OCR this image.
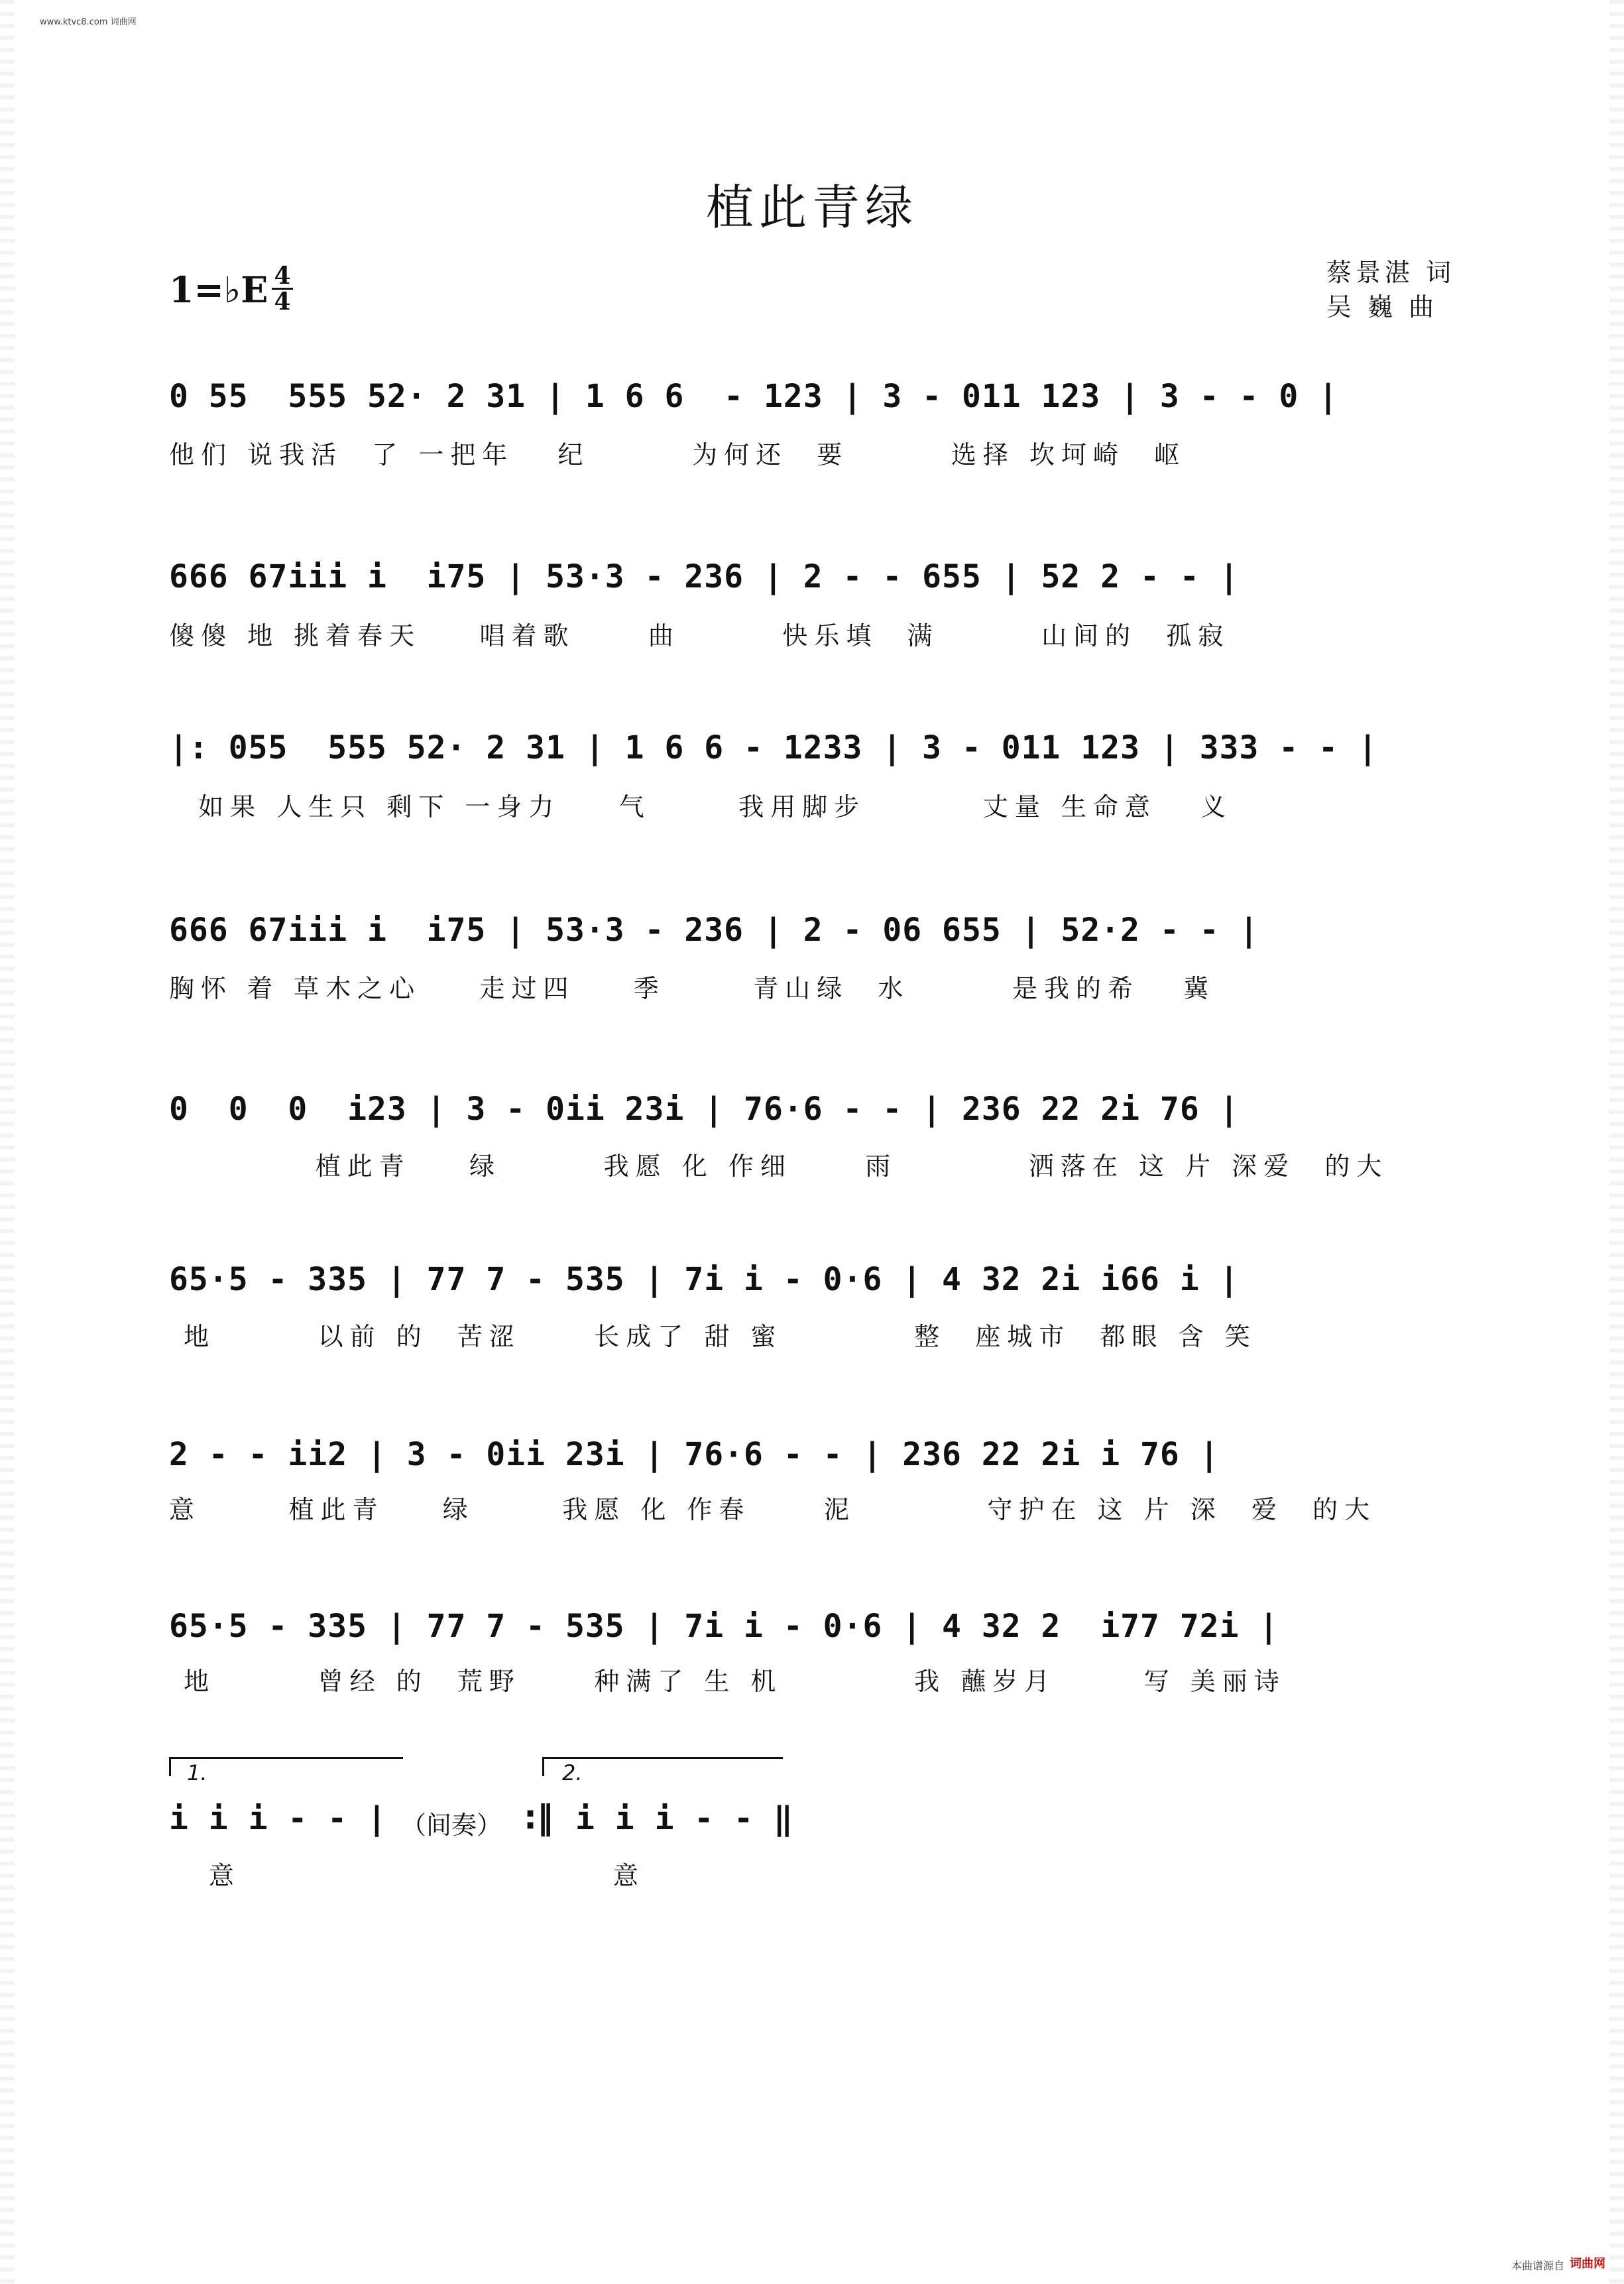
www.ktvc8.com 词曲网
植此青绿
1=♭E 4
4
蔡景湛 词
吴 巍 曲
0 55  555 52· 2 31 | 1 6 6  - 123 | 3 - 011 123 | 3 - - 0 |
他们 说我活  了 一把年   纪       为何还  要       选择 坎坷崎  岖
666 67iii i  i75 | 53·3 - 236 | 2 - - 655 | 52 2 - - |
傻傻 地 挑着春天    唱着歌     曲       快乐填  满       山间的  孤寂
|: 055  555 52· 2 31 | 1 6 6 - 1233 | 3 - 011 123 | 333 - - |
如果 人生只 剩下 一身力    气      我用脚步        丈量 生命意   义
666 67iii i  i75 | 53·3 - 236 | 2 - 06 655 | 52·2 - - |
胸怀 着 草木之心    走过四    季      青山绿  水       是我的希   冀
0  0  0  i23 | 3 - 0ii 23i | 76·6 - - | 236 22 2i 76 |
植此青    绿       我愿 化 作细     雨         洒落在 这 片 深爱  的大
65·5 - 335 | 77 7 - 535 | 7i i - 0·6 | 4 32 2i i66 i |
地       以前 的  苦涩     长成了 甜 蜜         整  座城市  都眼 含 笑
2 - - ii2 | 3 - 0ii 23i | 76·6 - - | 236 22 2i i 76 |
意      植此青    绿      我愿 化 作春     泥         守护在 这 片 深  爱  的大
65·5 - 335 | 77 7 - 535 | 7i i - 0·6 | 4 32 2  i77 72i |
地       曾经 的  荒野     种满了 生 机         我 蘸岁月      写 美丽诗
1.	2.
i i i - - | （间奏） :‖ i i i - - ‖
意	意
本曲谱源自 词曲网
